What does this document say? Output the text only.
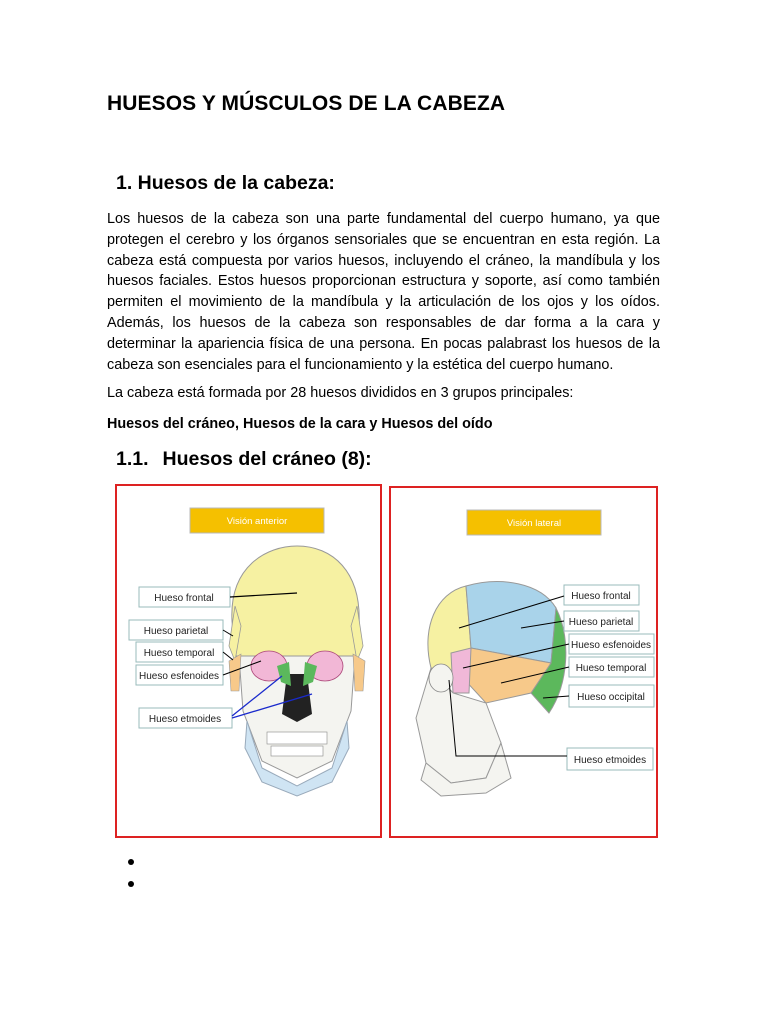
HUESOS Y MÚSCULOS DE LA CABEZA
1. Huesos de la cabeza:
Los huesos de la cabeza son una parte fundamental del cuerpo humano, ya que protegen el cerebro y los órganos sensoriales que se encuentran en esta región. La cabeza está compuesta por varios huesos, incluyendo el cráneo, la mandíbula y los huesos faciales. Estos huesos proporcionan estructura y soporte, así como también permiten el movimiento de la mandíbula y la articulación de los ojos y los oídos. Además, los huesos de la cabeza son responsables de dar forma a la cara y determinar la apariencia física de una persona. En pocas palabrast los huesos de la cabeza son esenciales para el funcionamiento y la estética del cuerpo humano.
La cabeza está formada por 28 huesos divididos en 3 grupos principales:
Huesos del cráneo, Huesos de la cara y Huesos del oído
1.1. Huesos del cráneo (8):
Visión anterior
Hueso frontal
Hueso parietal
Hueso temporal
Hueso esfenoides
Hueso etmoides
Visión lateral
Hueso frontal
Hueso parietal
Hueso esfenoides
Hueso temporal
Hueso occipital
Hueso etmoides
